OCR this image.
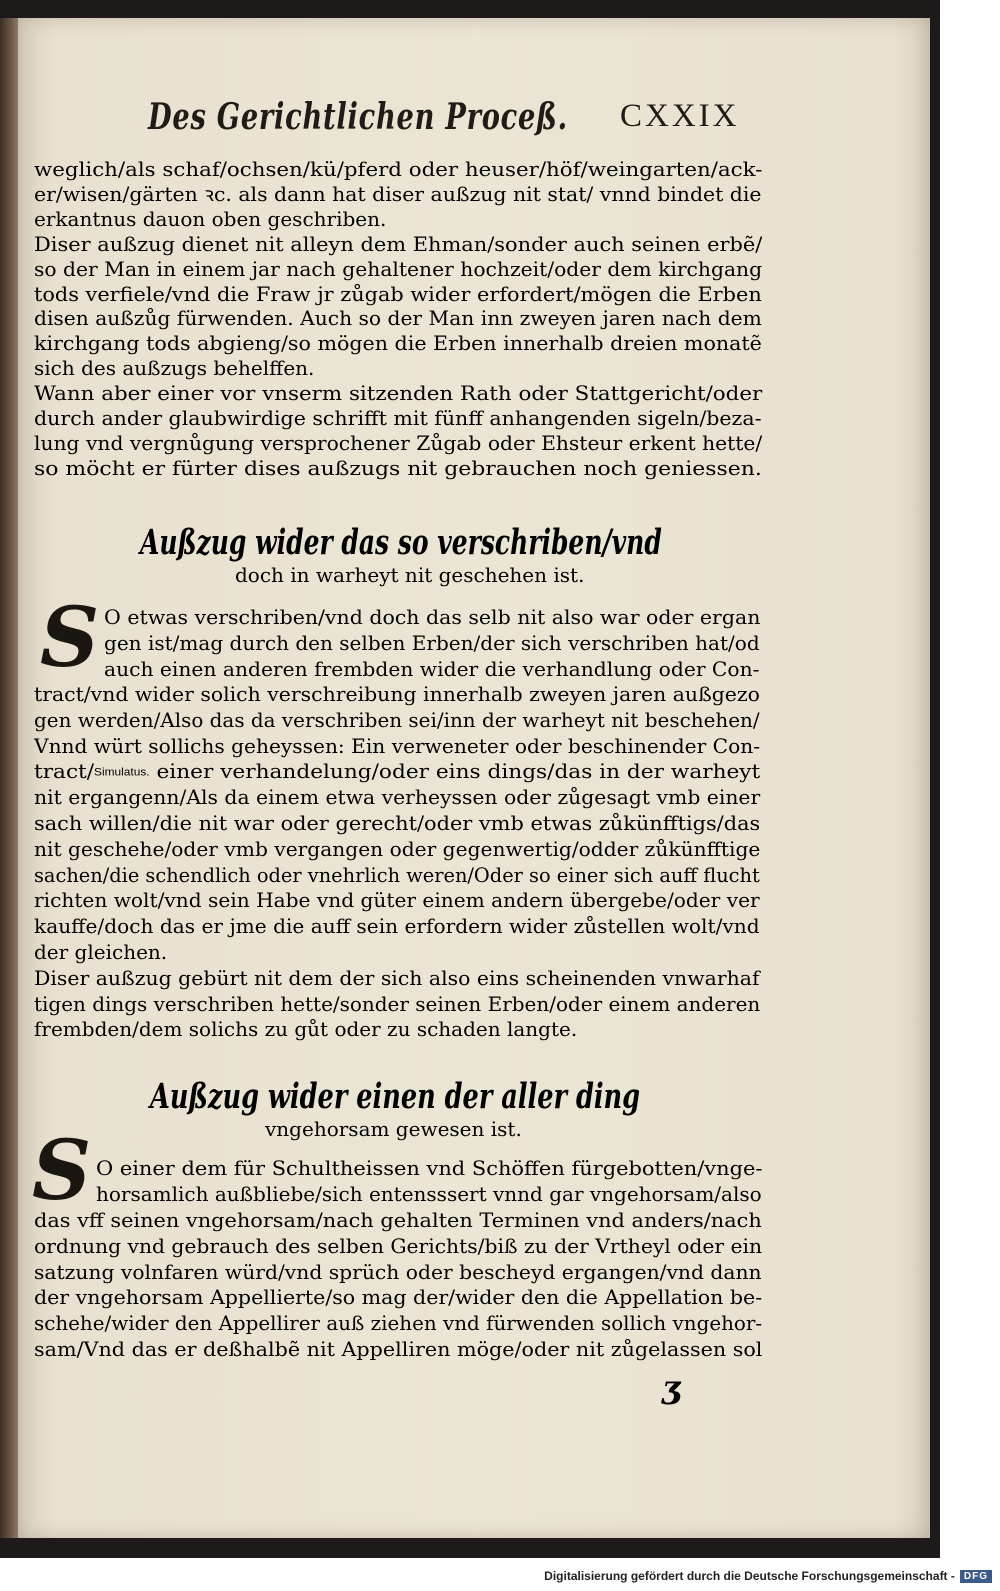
Des Gerichtlichen Proceß. CXXIX
weglich/als schaf/ochsen/kü/pferd oder heuser/höf/weingarten/ack-
er/wisen/gärten ꝛc. als dann hat diser außzug nit stat/ vnnd bindet die
erkantnus dauon oben geschriben.
Diser außzug dienet nit alleyn dem Ehman/sonder auch seinen erbẽ/
so der Man in einem jar nach gehaltener hochzeit/oder dem kirchgang
tods verfiele/vnd die Fraw jr zůgab wider erfordert/mögen die Erben
disen außzůg fürwenden. Auch so der Man inn zweyen jaren nach dem
kirchgang tods abgieng/so mögen die Erben innerhalb dreien monatẽ
sich des außzugs behelffen.
Wann aber einer vor vnserm sitzenden Rath oder Stattgericht/oder
durch ander glaubwirdige schrifft mit fünff anhangenden sigeln/beza-
lung vnd vergnůgung versprochener Zůgab oder Ehsteur erkent hette/
so möcht er fürter dises außzugs nit gebrauchen noch geniessen.
Außzug wider das so verschriben/vnd
doch in warheyt nit geschehen ist.
S O etwas verschriben/vnd doch das selb nit also war oder ergan
gen ist/mag durch den selben Erben/der sich verschriben hat/od
auch einen anderen frembden wider die verhandlung oder Con-
tract/vnd wider solich verschreibung innerhalb zweyen jaren außgezo
gen werden/Also das da verschriben sei/inn der warheyt nit beschehen/
Vnnd würt sollichs geheyssen: Ein verweneter oder beschinender Con-
tract/Simulatus. einer verhandelung/oder eins dings/das in der warheyt
nit ergangenn/Als da einem etwa verheyssen oder zůgesagt vmb einer
sach willen/die nit war oder gerecht/oder vmb etwas zůkünfftigs/das
nit geschehe/oder vmb vergangen oder gegenwertig/odder zůkünfftige
sachen/die schendlich oder vnehrlich weren/Oder so einer sich auff flucht
richten wolt/vnd sein Habe vnd güter einem andern übergebe/oder ver
kauffe/doch das er jme die auff sein erfordern wider zůstellen wolt/vnd
der gleichen.
Diser außzug gebürt nit dem der sich also eins scheinenden vnwarhaf
tigen dings verschriben hette/sonder seinen Erben/oder einem anderen
frembden/dem solichs zu gůt oder zu schaden langte.
Außzug wider einen der aller ding
vngehorsam gewesen ist.
S O einer dem für Schultheissen vnd Schöffen fürgebotten/vnge-
horsamlich außbliebe/sich entensssert vnnd gar vngehorsam/also
das vff seinen vngehorsam/nach gehalten Terminen vnd anders/nach
ordnung vnd gebrauch des selben Gerichts/biß zu der Vrtheyl oder ein
satzung volnfaren würd/vnd sprüch oder bescheyd ergangen/vnd dann
der vngehorsam Appellierte/so mag der/wider den die Appellation be-
schehe/wider den Appellirer auß ziehen vnd fürwenden sollich vngehor-
sam/Vnd das er deßhalbẽ nit Appelliren möge/oder nit zůgelassen sol
ʒ
Digitalisierung gefördert durch die Deutsche Forschungsgemeinschaft - DFG
